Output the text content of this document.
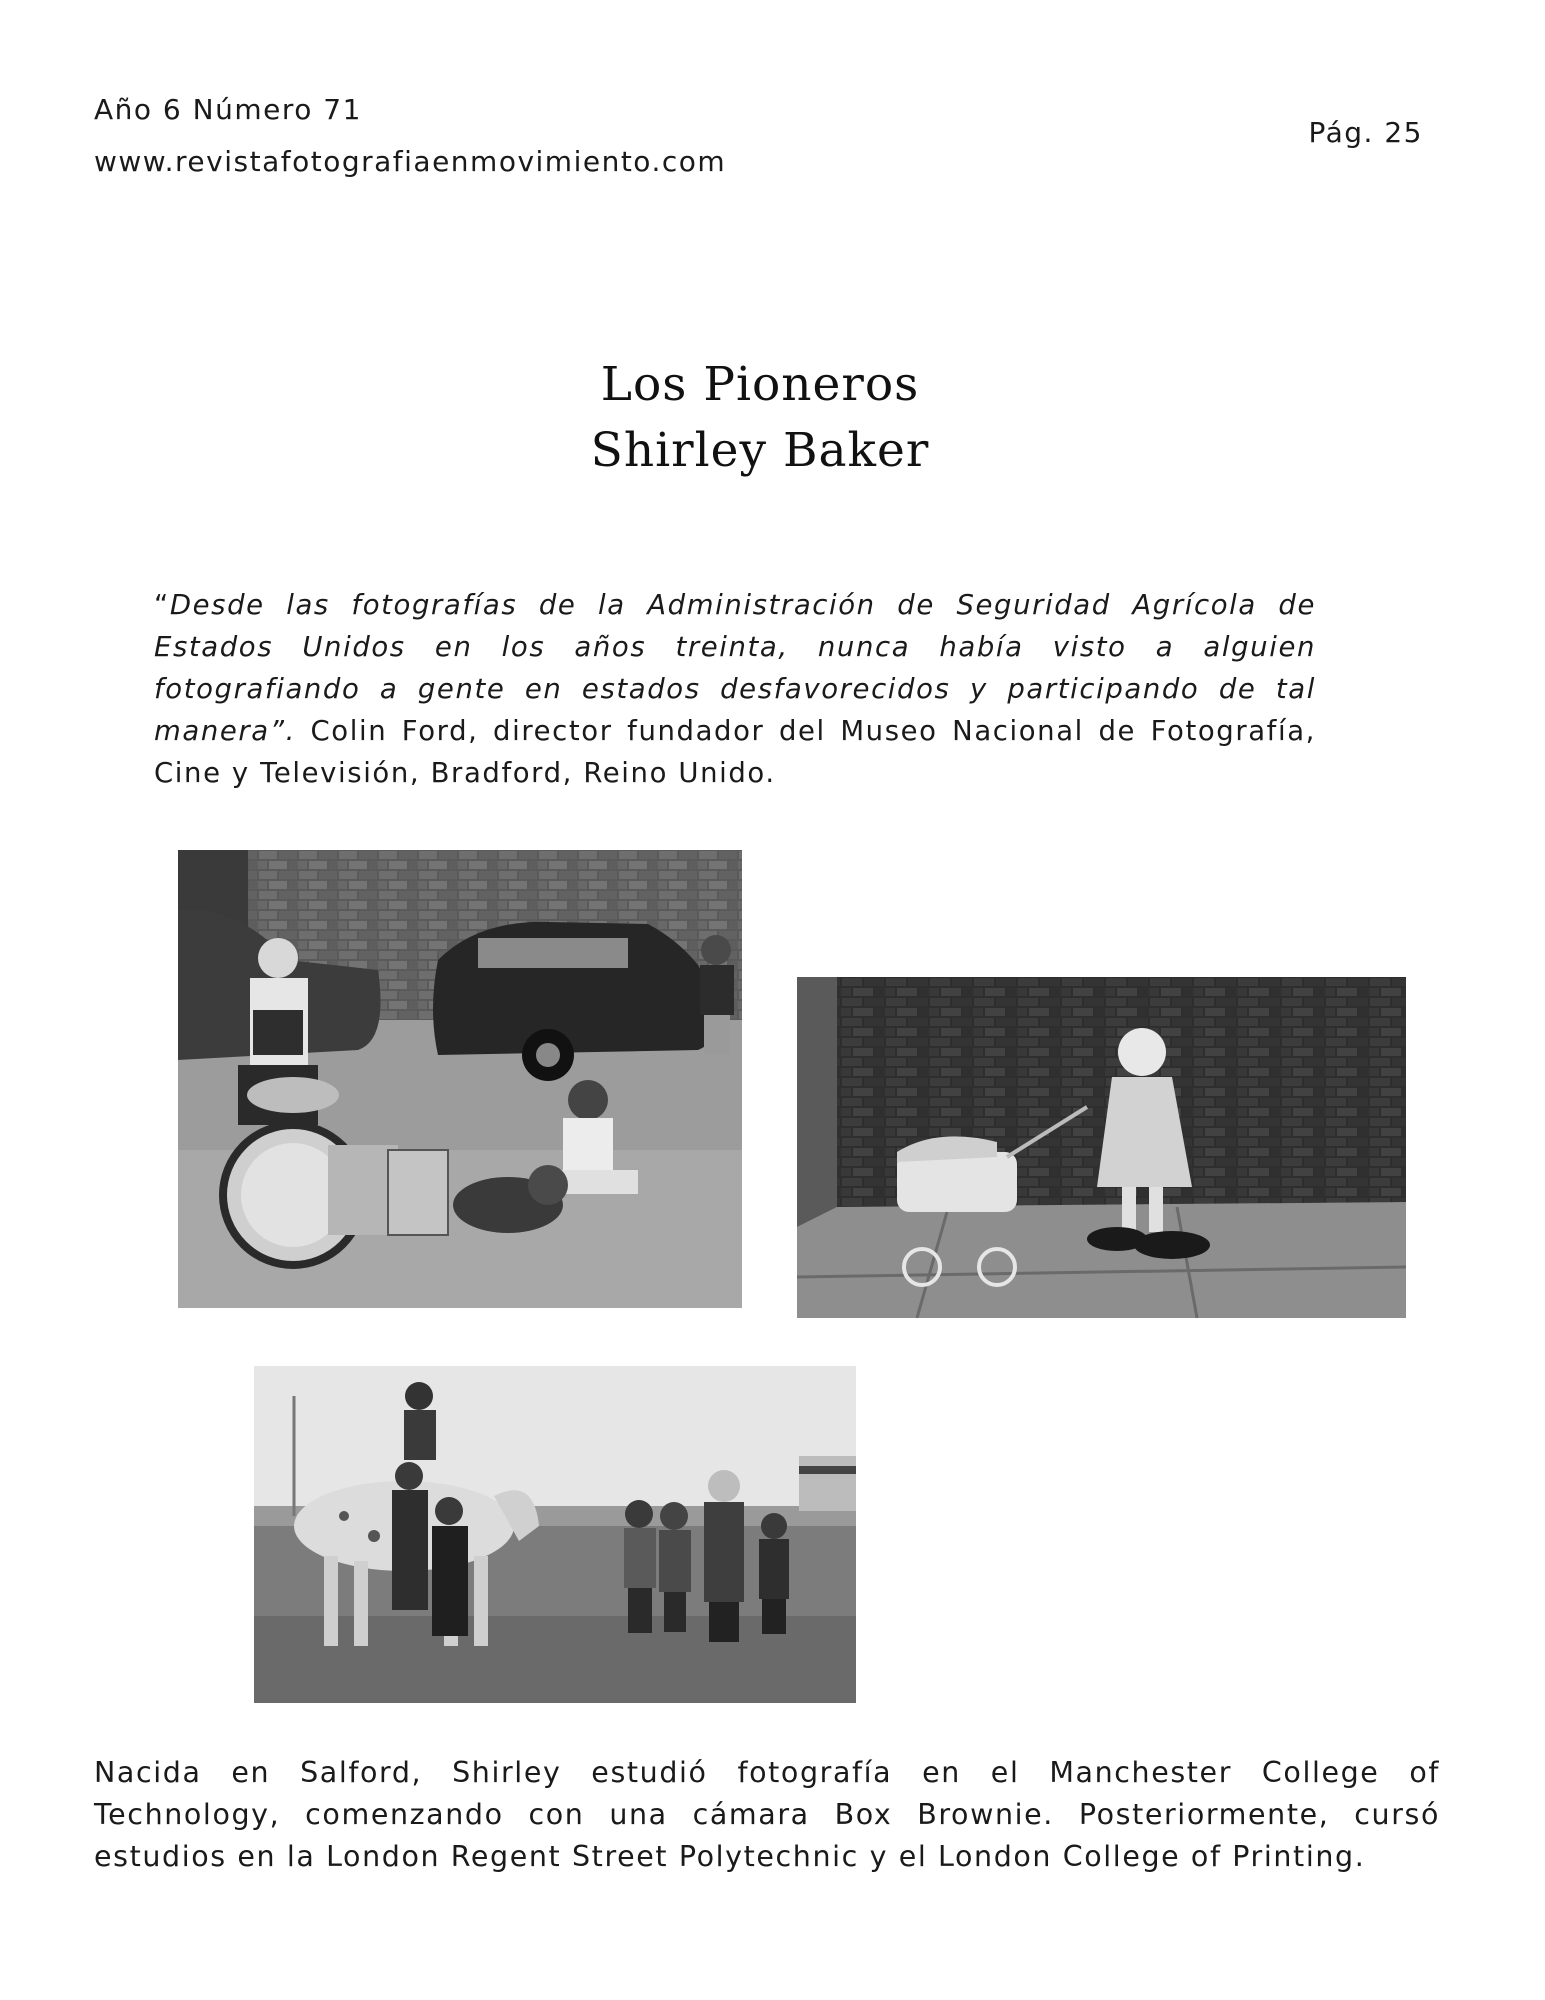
Año 6 Número 71
www.revistafotografiaenmovimiento.com
Pág. 25
Los Pioneros
Shirley Baker
“Desde las fotografías de la Administración de Seguridad Agrícola de Estados Unidos en los años treinta, nunca había visto a alguien fotografiando a gente en estados desfavorecidos y participando de tal manera”. Colin Ford, director fundador del Museo Nacional de Fotografía, Cine y Televisión, Bradford, Reino Unido.
Nacida en Salford, Shirley estudió fotografía en el Manchester College of Technology, comenzando con una cámara Box Brownie. Posteriormente, cursó estudios en la London Regent Street Polytechnic y el London College of Printing.
